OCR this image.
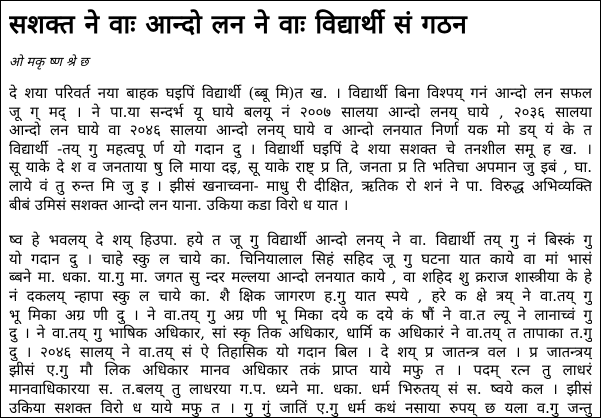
सशक्त ने वाः आन्दो लन ने वाः विद्यार्थी सं गठन
ओ मकृ ष्ण श्रे छ
दे शया परिवर्त नया बाहक घइपिं विद्यार्थी (ब्बू मि)त ख. । विद्यार्थी बिना विश्पय् गनं आन्दो लन सफल
जू ग् मद् । ने पा.या सन्दर्भ यू घाये बलयू नं २००७ सालया आन्दो लनय् घाये , २०३६ सालया
आन्दो लन घाये वा २०४६ सालया आन्दो लनय् घाये व आन्दो लनयात निर्णा यक मो डय् यं के त
विद्यार्थी -तय् गु महत्वपू र्ण यो गदान दु । विद्यार्थी घइपिं दे शया सशक्त चे तनशील समू ह ख. ।
सू याके दे श व जनताया षु लि माया दइ, सू याके राष्ट् प्र ति, जनता प्र ति भतिचा अपमान जु इबं , घा.
लाये वं तु रुन्त मि जु इ । झीसं खनाच्वना- माधु री दीक्षित, ऋतिक रो शनं ने पा. विरुद्ध अभिव्यक्ति
बीबं उमिसं सशक्त आन्दो लन याना. उकिया कडा विरो ध यात ।
ष्व हे भवलय् दे शय् हिउपा. हये त जू गु विद्यार्थी आन्दो लनय् ने वा. विद्यार्थी तय् गु नं बिस्कं गु
यो गदान दु । चाहे स्कु ल चाये का. चिनियालाल सिहं सहिद जू गु घटना यात काये वा मां भासं
ब्बने मा. धका. या.गु मा. जगत सु न्दर मल्लया आन्दो लनयात काये , वा शहिद शु क्रराज शास्त्रीया के हे
नं दकलय् न्हापा स्कु ल चाये का. शै क्षिक जागरण ह.गु यात स्पये , हरे क क्षे त्रय् ने वा.तय् गु
भू मिका अग्र णी दु । ने वा.तय् गु अग्र णी भू मिका दये क दये कं षौं ने वा.त ल्यू ने लानाच्वं गु
दु । ने वा.तय् गु भाषिक अधिकार, सां स्कृ तिक अधिकार, धार्मि क अधिकारं ने वा.तय् त तापाका त.गु
दु । २०४६ सालय् ने वा.तय् सं ऐ तिहासिक यो गदान बिल । दे शय् प्र जातन्त्र वल । प्र जातन्त्रय्
झीसं ए.गु मौ लिक अधिकार मानव अधिकार तकं प्राप्त याये मफु त । पदम् रत्न तु लाधरं
मानवाधिकारया स. त.बलय् तु लाधरया ग.प. ध्यने मा. धका. धर्म भिरुतय् सं स. ष्वये कल । झीसं
उकिया सशक्त विरो ध याये मफु त । गु गुं जातिं ए.गु धर्म कथं नसाया रुपय् छ यला व.गु जन्तु
